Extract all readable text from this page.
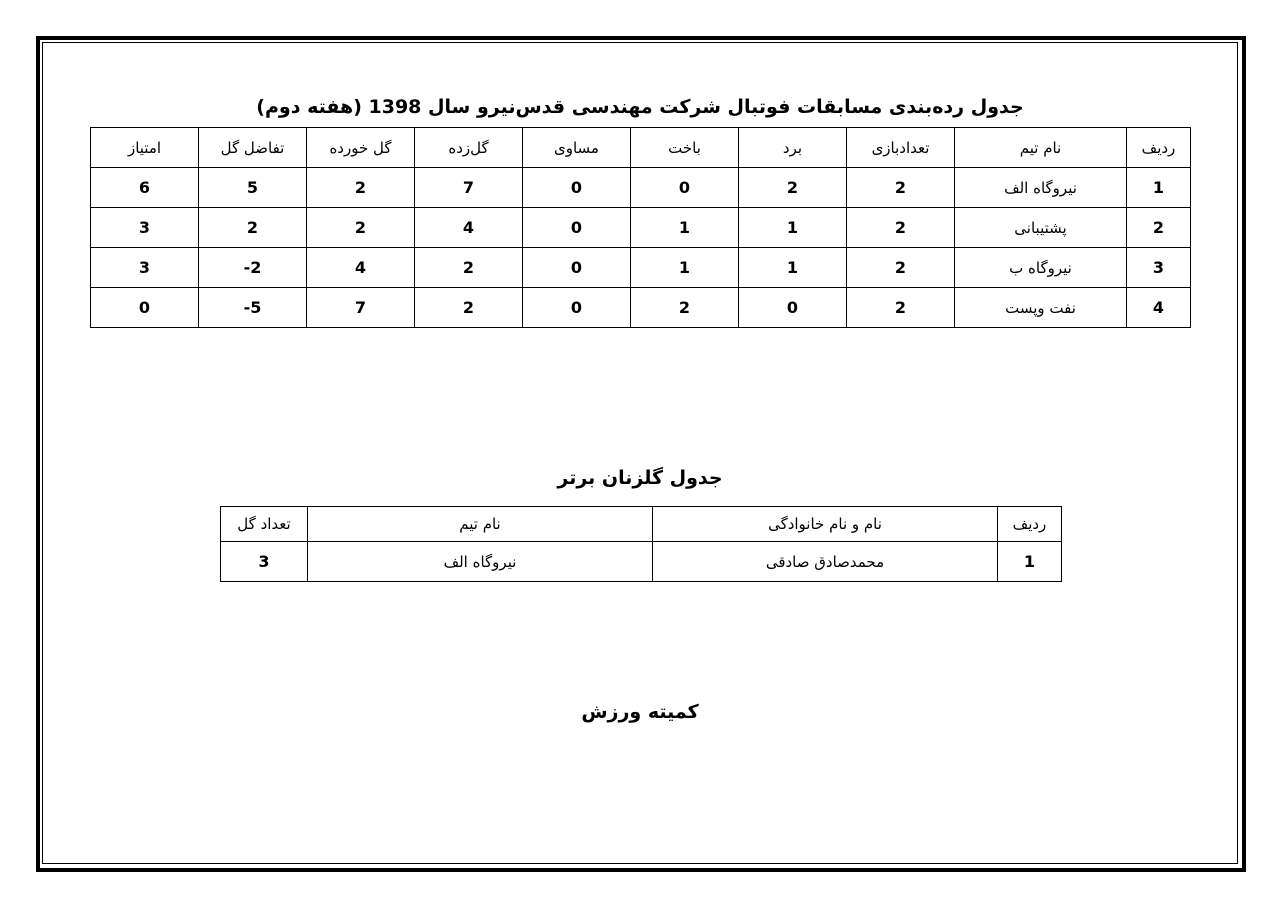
جدول رده‌بندی مسابقات فوتبال شرکت مهندسی قدس‌نیرو سال 1398 (هفته دوم)
ردیف	نام تیم	تعدادبازی	برد	باخت	مساوی	گل‌زده	گل خورده	تفاضل گل	امتیاز
1	نیروگاه الف	2	2	0	0	7	2	5	6
2	پشتیبانی	2	1	1	0	4	2	2	3
3	نیروگاه ب	2	1	1	0	2	4	2-	3
4	نفت وپست	2	0	2	0	2	7	5-	0
جدول گلزنان برتر
ردیف	نام و نام خانوادگی	نام تیم	تعداد گل
1	محمدصادق صادقی	نیروگاه الف	3
کمیته ورزش
